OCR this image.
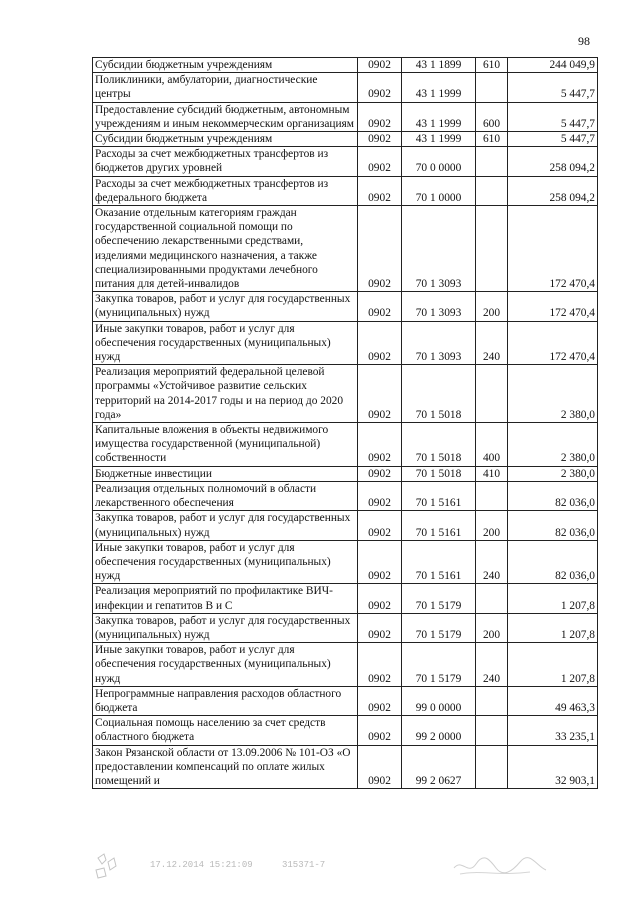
98
Субсидии бюджетным учреждениям	0902	43 1 1899	610	244 049,9
Поликлиники, амбулатории, диагностические центры	0902	43 1 1999		5 447,7
Предоставление субсидий бюджетным, автономным учреждениям и иным некоммерческим организациям	0902	43 1 1999	600	5 447,7
Субсидии бюджетным учреждениям	0902	43 1 1999	610	5 447,7
Расходы за счет межбюджетных трансфертов из бюджетов других уровней	0902	70 0 0000		258 094,2
Расходы за счет межбюджетных трансфертов из федерального бюджета	0902	70 1 0000		258 094,2
Оказание отдельным категориям граждан государственной социальной помощи по обеспечению лекарственными средствами, изделиями медицинского назначения, а также специализированными продуктами лечебного питания для детей-инвалидов	0902	70 1 3093		172 470,4
Закупка товаров, работ и услуг для государственных (муниципальных) нужд	0902	70 1 3093	200	172 470,4
Иные закупки товаров, работ и услуг для обеспечения государственных (муниципальных) нужд	0902	70 1 3093	240	172 470,4
Реализация мероприятий федеральной целевой программы «Устойчивое развитие сельских территорий на 2014-2017 годы и на период до 2020 года»	0902	70 1 5018		2 380,0
Капитальные вложения в объекты недвижимого имущества государственной (муниципальной) собственности	0902	70 1 5018	400	2 380,0
Бюджетные инвестиции	0902	70 1 5018	410	2 380,0
Реализация отдельных полномочий в области лекарственного обеспечения	0902	70 1 5161		82 036,0
Закупка товаров, работ и услуг для государственных (муниципальных) нужд	0902	70 1 5161	200	82 036,0
Иные закупки товаров, работ и услуг для обеспечения государственных (муниципальных) нужд	0902	70 1 5161	240	82 036,0
Реализация мероприятий по профилактике ВИЧ-инфекции и гепатитов В и С	0902	70 1 5179		1 207,8
Закупка товаров, работ и услуг для государственных (муниципальных) нужд	0902	70 1 5179	200	1 207,8
Иные закупки товаров, работ и услуг для обеспечения государственных (муниципальных) нужд	0902	70 1 5179	240	1 207,8
Непрограммные направления расходов областного бюджета	0902	99 0 0000		49 463,3
Социальная помощь населению за счет средств областного бюджета	0902	99 2 0000		33 235,1
Закон Рязанской области от 13.09.2006 № 101-ОЗ «О предоставлении компенсаций по оплате жилых помещений и	0902	99 2 0627		32 903,1
17.12.2014 15:21:09	315371-7
